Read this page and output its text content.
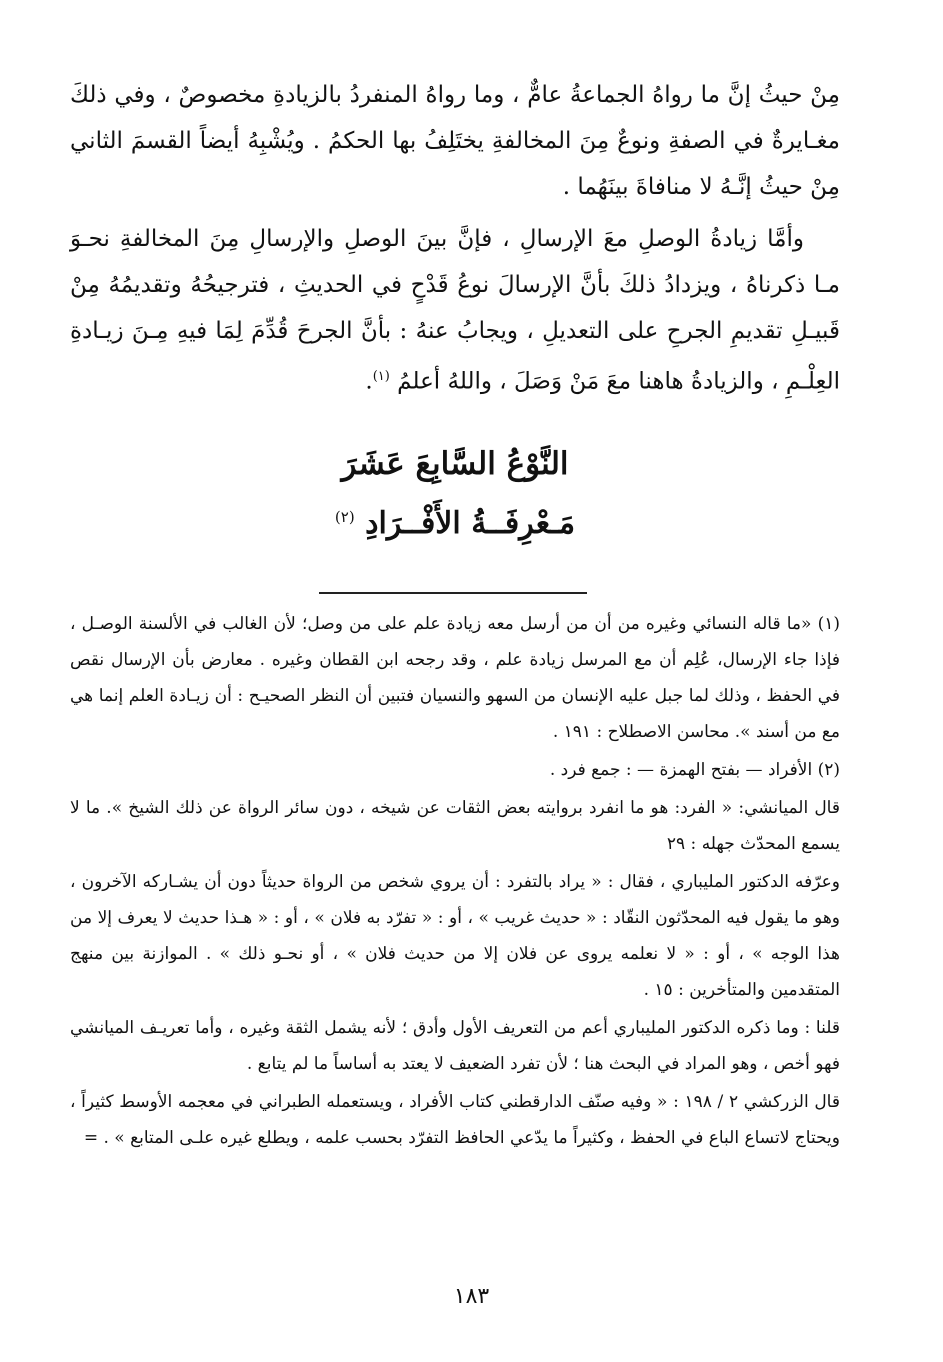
مِنْ حيثُ إنَّ ما رواهُ الجماعةُ عامٌّ ، وما رواهُ المنفردُ بالزيادةِ مخصوصٌ ، وفي ذلكَ مغـايرةٌ في الصفةِ ونوعٌ مِنَ المخالفةِ يختَلِفُ بها الحكمُ . ويُشْبِهُ أيضاً القسمَ الثاني مِنْ حيثُ إنَّـهُ لا منافاةَ بينَهُما .

وأمَّا زيادةُ الوصلِ معَ الإرسالِ ، فإنَّ بينَ الوصلِ والإرسالِ مِنَ المخالفةِ نحـوَ مـا ذكرناهُ ، ويزدادُ ذلكَ بأنَّ الإرسالَ نوعُ قَدْحٍ في الحديثِ ، فترجيحُهُ وتقديمُهُ مِنْ قَبيـلِ تقديمِ الجرحِ على التعديلِ ، ويجابُ عنهُ : بأنَّ الجرحَ قُدِّمَ لِمَا فيهِ مِـنَ زيـادةِ العِلْـمِ ، والزيادةُ هاهنا معَ مَنْ وَصَلَ ، واللهُ أعلمُ $^{(١)}$.

النَّوْعُ السَّابِعَ عَشَرَ
مَـعْرِفَــةُ الأَفْــرَادِ $^{(٢)}$

(١) «ما قاله النسائي وغيره من أن من أرسل معه زيادة علم على من وصل؛ لأن الغالب في الألسنة الوصـل ، فإذا جاء الإرسال، عُلِم أن مع المرسل زيادة علم ، وقد رجحه ابن القطان وغيره . معارض بأن الإرسال نقص في الحفظ ، وذلك لما جبل عليه الإنسان من السهو والنسيان فتبين أن النظر الصحيـح : أن زيـادة العلم إنما هي مع من أسند ». محاسن الاصطلاح : ١٩١ .

(٢) الأفراد — بفتح الهمزة — : جمع فرد .

قال الميانشي: « الفرد: هو ما انفرد بروايته بعض الثقات عن شيخه ، دون سائر الرواة عن ذلك الشيخ ». ما لا يسمع المحدّث جهله : ٢٩

وعرّفه الدكتور المليباري ، فقال : « يراد بالتفرد : أن يروي شخص من الرواة حديثاً دون أن يشـاركه الآخرون ، وهو ما يقول فيه المحدّثون النقّاد : « حديث غريب » ، أو : « تفرّد به فلان » ، أو : « هـذا حديث لا يعرف إلا من هذا الوجه » ، أو : « لا نعلمه يروى عن فلان إلا من حديث فلان » ، أو نحـو ذلك » . الموازنة بين منهج المتقدمين والمتأخرين : ١٥ .

قلنا : وما ذكره الدكتور المليباري أعم من التعريف الأول وأدق ؛ لأنه يشمل الثقة وغيره ، وأما تعريـف الميانشي فهو أخص ، وهو المراد في البحث هنا ؛ لأن تفرد الضعيف لا يعتد به أساساً ما لم يتابع .

قال الزركشي ٢ / ١٩٨ : « وفيه صنّف الدارقطني كتاب الأفراد ، ويستعمله الطبراني في معجمه الأوسط كثيراً ، ويحتاج لاتساع الباع في الحفظ ، وكثيراً ما يدّعي الحافظ التفرّد بحسب علمه ، ويطلع غيره علـى المتابع » . =

١٨٣
